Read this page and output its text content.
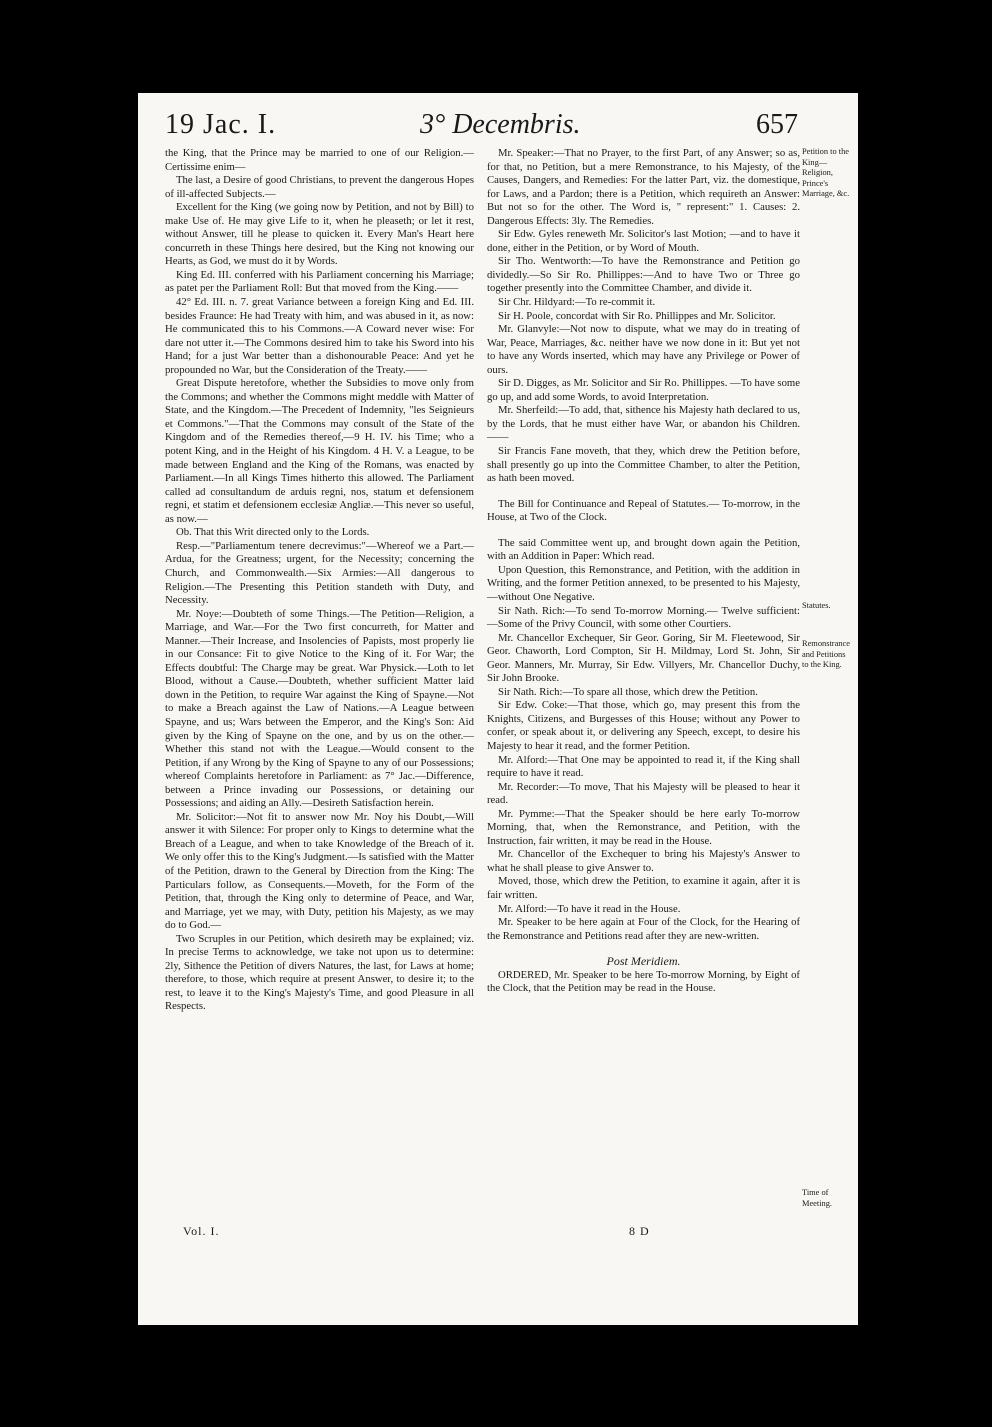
19 Jac. I.	3° Decembris.	657

the King, that the Prince may be married to one of our Religion.—Certissime enim—

The last, a Desire of good Christians, to prevent the dangerous Hopes of ill-affected Subjects.—

Excellent for the King (we going now by Petition, and not by Bill) to make Use of. He may give Life to it, when he pleaseth; or let it rest, without Answer, till he please to quicken it. Every Man's Heart here concurreth in these Things here desired, but the King not knowing our Hearts, as God, we must do it by Words.

King Ed. III. conferred with his Parliament concerning his Marriage; as patet per the Parliament Roll: But that moved from the King.——

42° Ed. III. n. 7. great Variance between a foreign King and Ed. III. besides Fraunce: He had Treaty with him, and was abused in it, as now: He communicated this to his Commons.—A Coward never wise: For dare not utter it.—The Commons desired him to take his Sword into his Hand; for a just War better than a dishonourable Peace: And yet he propounded no War, but the Consideration of the Treaty.——

Great Dispute heretofore, whether the Subsidies to move only from the Commons; and whether the Commons might meddle with Matter of State, and the Kingdom.—The Precedent of Indemnity, "les Seignieurs et Commons."—That the Commons may consult of the State of the Kingdom and of the Remedies thereof,—9 H. IV. his Time; who a potent King, and in the Height of his Kingdom. 4 H. V. a League, to be made between England and the King of the Romans, was enacted by Parliament.—In all Kings Times hitherto this allowed. The Parliament called ad consultandum de arduis regni, nos, statum et defensionem regni, et statim et defensionem ecclesiæ Angliæ.—This never so useful, as now.—

Ob. That this Writ directed only to the Lords.

Resp.—"Parliamentum tenere decrevimus:"—Whereof we a Part.—Ardua, for the Greatness; urgent, for the Necessity; concerning the Church, and Commonwealth.—Six Armies:—All dangerous to Religion.—The Presenting this Petition standeth with Duty, and Necessity.

Mr. Noye:—Doubteth of some Things.—The Petition—Religion, a Marriage, and War.—For the Two first concurreth, for Matter and Manner.—Their Increase, and Insolencies of Papists, most properly lie in our Consance: Fit to give Notice to the King of it. For War; the Effects doubtful: The Charge may be great. War Physick.—Loth to let Blood, without a Cause.—Doubteth, whether sufficient Matter laid down in the Petition, to require War against the King of Spayne.—Not to make a Breach against the Law of Nations.—A League between Spayne, and us; Wars between the Emperor, and the King's Son: Aid given by the King of Spayne on the one, and by us on the other.—Whether this stand not with the League.—Would consent to the Petition, if any Wrong by the King of Spayne to any of our Possessions; whereof Complaints heretofore in Parliament: as 7° Jac.—Difference, between a Prince invading our Possessions, or detaining our Possessions; and aiding an Ally.—Desireth Satisfaction herein.

Mr. Solicitor:—Not fit to answer now Mr. Noy his Doubt,—Will answer it with Silence: For proper only to Kings to determine what the Breach of a League, and when to take Knowledge of the Breach of it. We only offer this to the King's Judgment.—Is satisfied with the Matter of the Petition, drawn to the General by Direction from the King: The Particulars follow, as Consequents.—Moveth, for the Form of the Petition, that, through the King only to determine of Peace, and War, and Marriage, yet we may, with Duty, petition his Majesty, as we may do to God.—

Two Scruples in our Petition, which desireth may be explained; viz. In precise Terms to acknowledge, we take not upon us to determine: 2ly, Sithence the Petition of divers Natures, the last, for Laws at home; therefore, to those, which require at present Answer, to desire it; to the rest, to leave it to the King's Majesty's Time, and good Pleasure in all Respects.

Mr. Speaker:—That no Prayer, to the first Part, of any Answer; so as, for that, no Petition, but a mere Remonstrance, to his Majesty, of the Causes, Dangers, and Remedies: For the latter Part, viz. the domestique, for Laws, and a Pardon; there is a Petition, which requireth an Answer: But not so for the other. The Word is, " represent:" 1. Causes: 2. Dangerous Effects: 3ly. The Remedies.

Sir Edw. Gyles reneweth Mr. Solicitor's last Motion; —and to have it done, either in the Petition, or by Word of Mouth.

Sir Tho. Wentworth:—To have the Remonstrance and Petition go dividedly.—So Sir Ro. Phillippes:—And to have Two or Three go together presently into the Committee Chamber, and divide it.

Sir Chr. Hildyard:—To re-commit it.

Sir H. Poole, concordat with Sir Ro. Phillippes and Mr. Solicitor.

Mr. Glanvyle:—Not now to dispute, what we may do in treating of War, Peace, Marriages, &c. neither have we now done in it: But yet not to have any Words inserted, which may have any Privilege or Power of ours.

Sir D. Digges, as Mr. Solicitor and Sir Ro. Phillippes. —To have some go up, and add some Words, to avoid Interpretation.

Mr. Sherfeild:—To add, that, sithence his Majesty hath declared to us, by the Lords, that he must either have War, or abandon his Children.——

Sir Francis Fane moveth, that they, which drew the Petition before, shall presently go up into the Committee Chamber, to alter the Petition, as hath been moved.

The Bill for Continuance and Repeal of Statutes.— To-morrow, in the House, at Two of the Clock.

The said Committee went up, and brought down again the Petition, with an Addition in Paper: Which read.

Upon Question, this Remonstrance, and Petition, with the addition in Writing, and the former Petition annexed, to be presented to his Majesty,—without One Negative.

Sir Nath. Rich:—To send To-morrow Morning.— Twelve sufficient:—Some of the Privy Council, with some other Courtiers.

Mr. Chancellor Exchequer, Sir Geor. Goring, Sir M. Fleetewood, Sir Geor. Chaworth, Lord Compton, Sir H. Mildmay, Lord St. John, Sir Geor. Manners, Mr. Murray, Sir Edw. Villyers, Mr. Chancellor Duchy, Sir John Brooke.

Sir Nath. Rich:—To spare all those, which drew the Petition.

Sir Edw. Coke:—That those, which go, may present this from the Knights, Citizens, and Burgesses of this House; without any Power to confer, or speak about it, or delivering any Speech, except, to desire his Majesty to hear it read, and the former Petition.

Mr. Alford:—That One may be appointed to read it, if the King shall require to have it read.

Mr. Recorder:—To move, That his Majesty will be pleased to hear it read.

Mr. Pymme:—That the Speaker should be here early To-morrow Morning, that, when the Remonstrance, and Petition, with the Instruction, fair written, it may be read in the House.

Mr. Chancellor of the Exchequer to bring his Majesty's Answer to what he shall please to give Answer to.

Moved, those, which drew the Petition, to examine it again, after it is fair written.

Mr. Alford:—To have it read in the House.

Mr. Speaker to be here again at Four of the Clock, for the Hearing of the Remonstrance and Petitions read after they are new-written.

Post Meridiem.

ORDERED, Mr. Speaker to be here To-morrow Morning, by Eight of the Clock, that the Petition may be read in the House.

Petition to the King—Religion, Prince's Marriage, &c.
Statutes.
Remonstrance and Petitions to the King.
Time of Meeting.
Vol. I.	8 D
